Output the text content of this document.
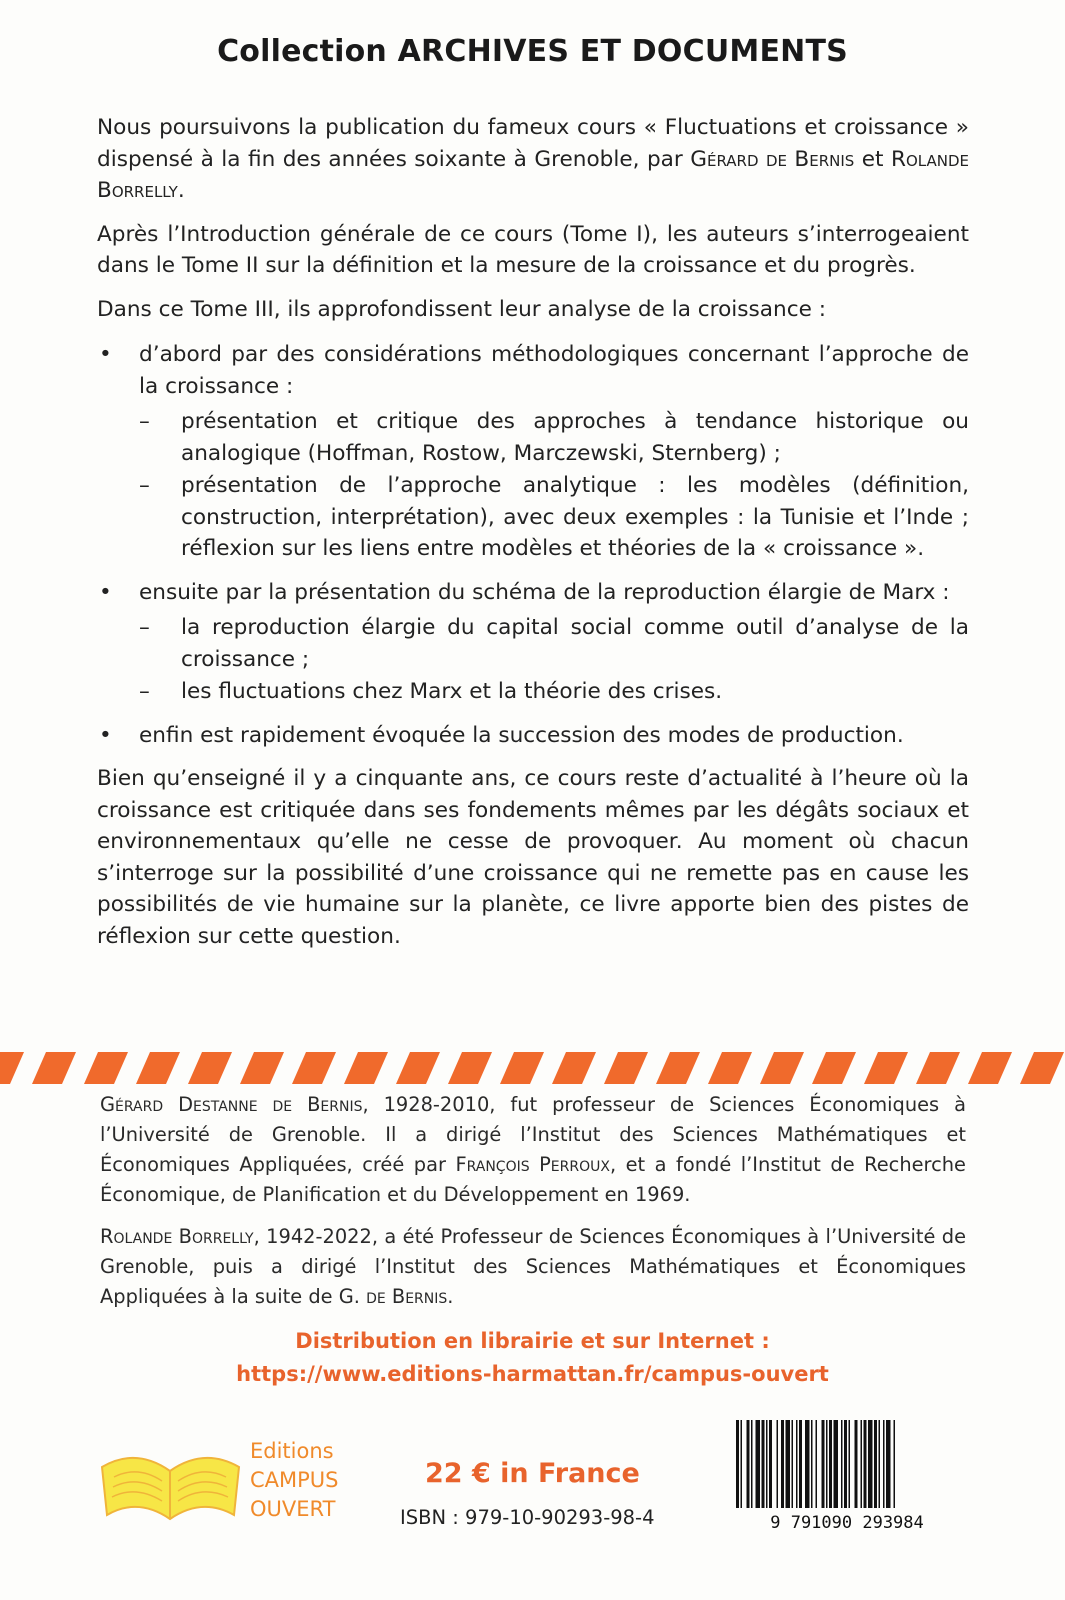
Collection ARCHIVES ET DOCUMENTS

Nous poursuivons la publication du fameux cours « Fluctuations et croissance » dispensé à la fin des années soixante à Grenoble, par Gérard de Bernis et Rolande Borrelly.

Après l’Introduction générale de ce cours (Tome I), les auteurs s’interrogeaient dans le Tome II sur la définition et la mesure de la croissance et du progrès.

Dans ce Tome III, ils approfondissent leur analyse de la croissance :

• d’abord par des considérations méthodologiques concernant l’approche de la croissance :
– présentation et critique des approches à tendance historique ou analogique (Hoffman, Rostow, Marczewski, Sternberg) ;
– présentation de l’approche analytique : les modèles (définition, construction, interprétation), avec deux exemples : la Tunisie et l’Inde ; réflexion sur les liens entre modèles et théories de la « croissance ».
• ensuite par la présentation du schéma de la reproduction élargie de Marx :
– la reproduction élargie du capital social comme outil d’analyse de la croissance ;
– les fluctuations chez Marx et la théorie des crises.
• enfin est rapidement évoquée la succession des modes de production.

Bien qu’enseigné il y a cinquante ans, ce cours reste d’actualité à l’heure où la croissance est critiquée dans ses fondements mêmes par les dégâts sociaux et environnementaux qu’elle ne cesse de provoquer. Au moment où chacun s’interroge sur la possibilité d’une croissance qui ne remette pas en cause les possibilités de vie humaine sur la planète, ce livre apporte bien des pistes de réflexion sur cette question.

Gérard Destanne de Bernis, 1928-2010, fut professeur de Sciences Économiques à l’Université de Grenoble. Il a dirigé l’Institut des Sciences Mathématiques et Économiques Appliquées, créé par François Perroux, et a fondé l’Institut de Recherche Économique, de Planification et du Développement en 1969.

Rolande Borrelly, 1942-2022, a été Professeur de Sciences Économiques à l’Université de Grenoble, puis a dirigé l’Institut des Sciences Mathématiques et Économiques Appliquées à la suite de G. de Bernis.

Distribution en librairie et sur Internet :
https://www.editions-harmattan.fr/campus-ouvert
Editions
CAMPUS
OUVERT
22 € in France
ISBN : 979-10-90293-98-4	9 791090 293984
